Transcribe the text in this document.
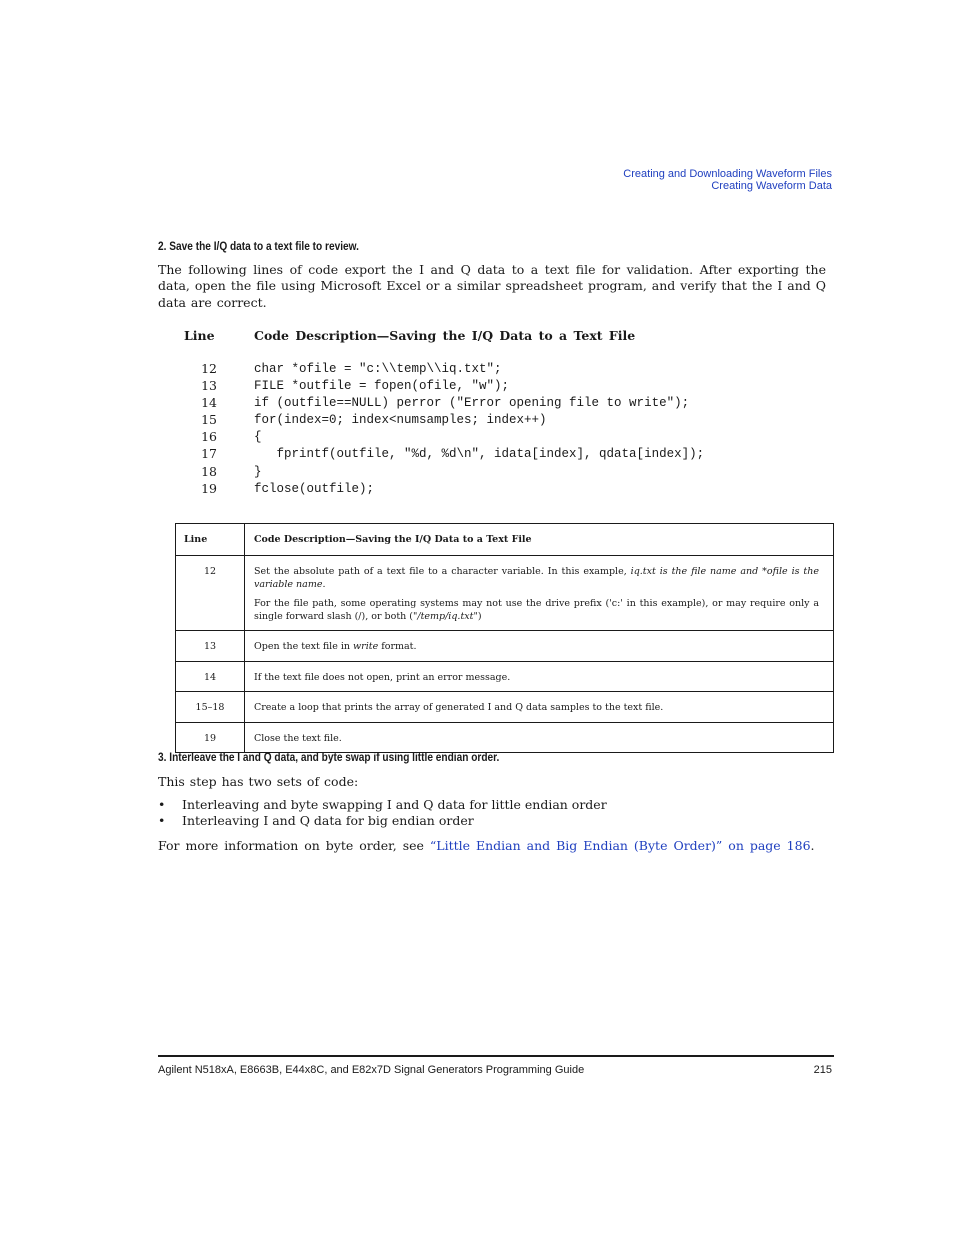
Creating and Downloading Waveform Files
Creating Waveform Data
2. Save the I/Q data to a text file to review.
The following lines of code export the I and Q data to a text file for validation. After exporting the data, open the file using Microsoft Excel or a similar spreadsheet program, and verify that the I and Q data are correct.
Line	Code Description—Saving the I/Q Data to a Text File
12	char *ofile = "c:\\temp\\iq.txt";
13	FILE *outfile = fopen(ofile, "w");
14	if (outfile==NULL) perror ("Error opening file to write");
15	for(index=0; index<numsamples; index++)
16	{
17	fprintf(outfile, "%d, %d\n", idata[index], qdata[index]);
18	}
19	fclose(outfile);
Line	Code Description—Saving the I/Q Data to a Text File

12	Set the absolute path of a text file to a character variable. In this example, iq.txt is the file name and *ofile is the variable name.

For the file path, some operating systems may not use the drive prefix ('c:' in this example), or may require only a single forward slash (/), or both ("/temp/iq.txt")

13	Open the text file in write format.

14	If the text file does not open, print an error message.

15–18	Create a loop that prints the array of generated I and Q data samples to the text file.

19	Close the text file.
3. Interleave the I and Q data, and byte swap if using little endian order.
This step has two sets of code:
• Interleaving and byte swapping I and Q data for little endian order
• Interleaving I and Q data for big endian order
For more information on byte order, see “Little Endian and Big Endian (Byte Order)” on page 186.
Agilent N518xA, E8663B, E44x8C, and E82x7D Signal Generators Programming Guide	215
